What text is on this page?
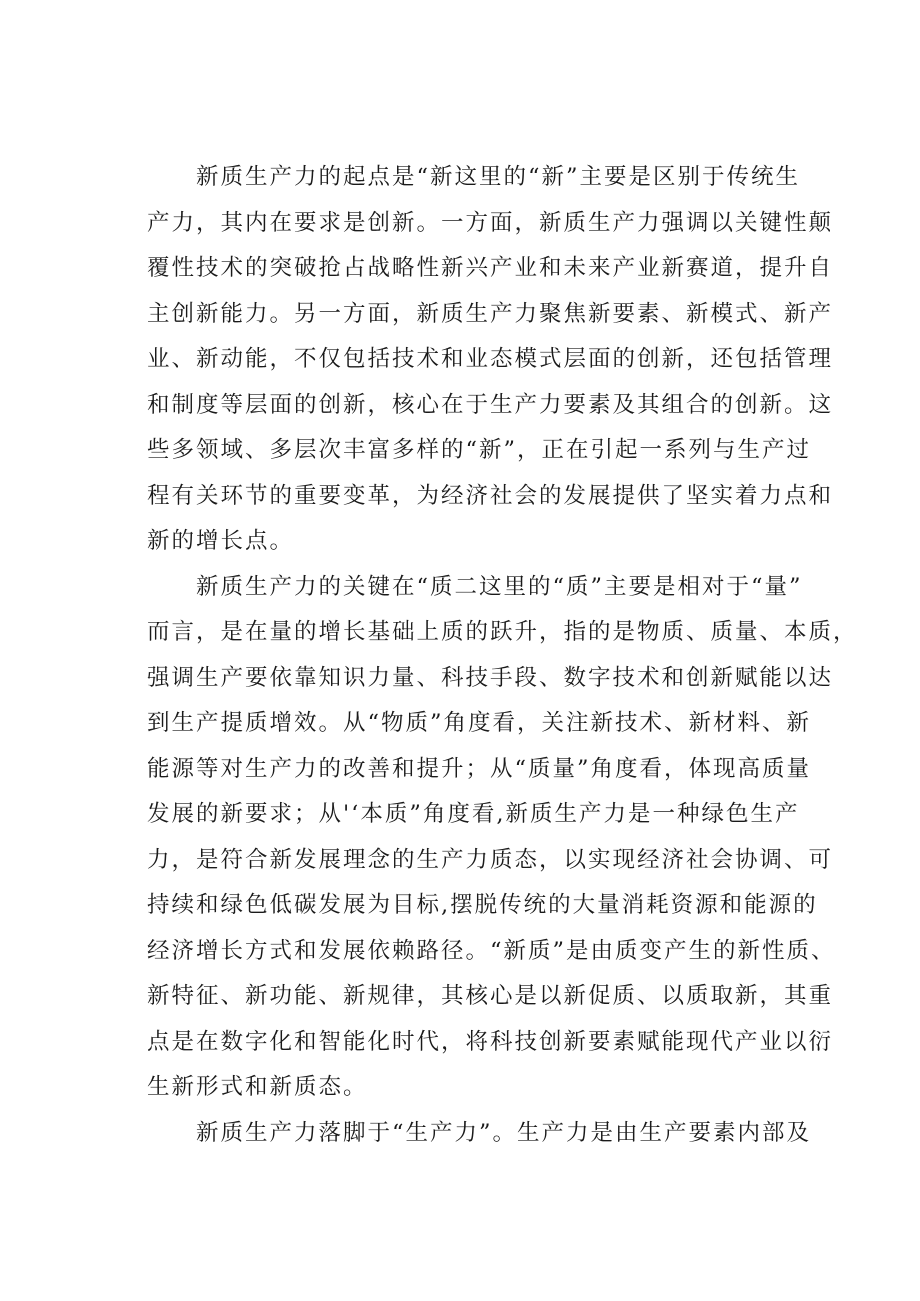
新质生产力的起点是“新这里的“新”主要是区别于传统生
产力，其内在要求是创新。一方面，新质生产力强调以关键性颠
覆性技术的突破抢占战略性新兴产业和未来产业新赛道，提升自
主创新能力。另一方面，新质生产力聚焦新要素、新模式、新产
业、新动能，不仅包括技术和业态模式层面的创新，还包括管理
和制度等层面的创新，核心在于生产力要素及其组合的创新。这
些多领域、多层次丰富多样的“新”，正在引起一系列与生产过
程有关环节的重要变革，为经济社会的发展提供了坚实着力点和
新的增长点。
新质生产力的关键在“质二这里的“质”主要是相对于“量”
而言，是在量的增长基础上质的跃升，指的是物质、质量、本质，
强调生产要依靠知识力量、科技手段、数字技术和创新赋能以达
到生产提质增效。从“物质”角度看，关注新技术、新材料、新
能源等对生产力的改善和提升；从“质量”角度看，体现高质量
发展的新要求；从'‘本质”角度看,新质生产力是一种绿色生产
力，是符合新发展理念的生产力质态，以实现经济社会协调、可
持续和绿色低碳发展为目标,摆脱传统的大量消耗资源和能源的
经济增长方式和发展依赖路径。“新质”是由质变产生的新性质、
新特征、新功能、新规律，其核心是以新促质、以质取新，其重
点是在数字化和智能化时代，将科技创新要素赋能现代产业以衍
生新形式和新质态。
新质生产力落脚于“生产力”。生产力是由生产要素内部及
